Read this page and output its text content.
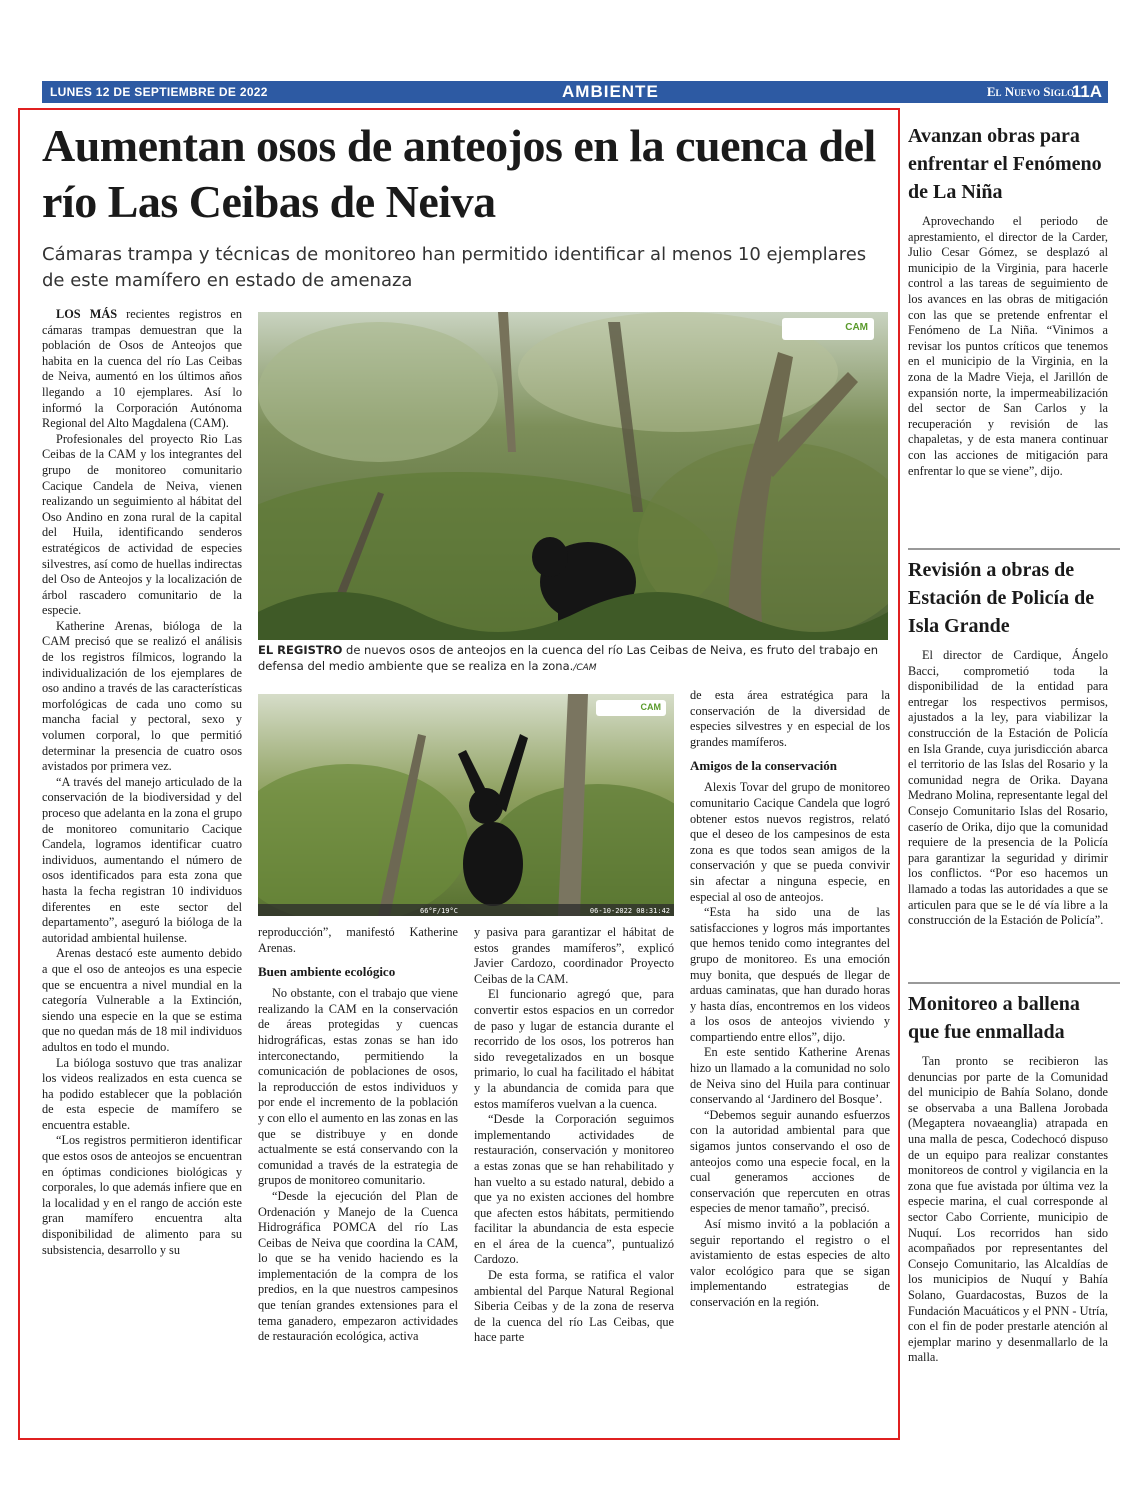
LUNES 12 DE SEPTIEMBRE DE 2022	AMBIENTE	El Nuevo Siglo
11A
Aumentan osos de anteojos en la cuenca del río Las Ceibas de Neiva
Cámaras trampa y técnicas de monitoreo han permitido identificar al menos 10 ejemplares de este mamífero en estado de amenaza
CAM
EL REGISTRO de nuevos osos de anteojos en la cuenca del río Las Ceibas de Neiva, es fruto del trabajo en defensa del medio ambiente que se realiza en la zona./CAM
CAM
66°F/19°C	06-10-2022 08:31:42

LOS MÁS recientes registros en cámaras trampas demuestran que la población de Osos de Anteojos que habita en la cuenca del río Las Ceibas de Neiva, aumentó en los últimos años llegando a 10 ejemplares. Así lo informó la Corporación Autónoma Regional del Alto Magdalena (CAM).

Profesionales del proyecto Rio Las Ceibas de la CAM y los integrantes del grupo de monitoreo comunitario Cacique Candela de Neiva, vienen realizando un seguimiento al hábitat del Oso Andino en zona rural de la capital del Huila, identificando senderos estratégicos de actividad de especies silvestres, así como de huellas indirectas del Oso de Anteojos y la localización de árbol rascadero comunitario de la especie.

Katherine Arenas, bióloga de la CAM precisó que se realizó el análisis de los registros fílmicos, logrando la individualización de los ejemplares de oso andino a través de las características morfológicas de cada uno como su mancha facial y pectoral, sexo y volumen corporal, lo que permitió determinar la presencia de cuatro osos avistados por primera vez.

“A través del manejo articulado de la conservación de la biodiversidad y del proceso que adelanta en la zona el grupo de monitoreo comunitario Cacique Candela, logramos identificar cuatro individuos, aumentando el número de osos identificados para esta zona que hasta la fecha registran 10 individuos diferentes en este sector del departamento”, aseguró la bióloga de la autoridad ambiental huilense.

Arenas destacó este aumento debido a que el oso de anteojos es una especie que se encuentra a nivel mundial en la categoría Vulnerable a la Extinción, siendo una especie en la que se estima que no quedan más de 18 mil individuos adultos en todo el mundo.

La bióloga sostuvo que tras analizar los videos realizados en esta cuenca se ha podido establecer que la población de esta especie de mamífero se encuentra estable.

“Los registros permitieron identificar que estos osos de anteojos se encuentran en óptimas condiciones biológicas y corporales, lo que además infiere que en la localidad y en el rango de acción este gran mamífero encuentra alta disponibilidad de alimento para su subsistencia, desarrollo y su

reproducción”, manifestó Katherine Arenas.

Buen ambiente ecológico

No obstante, con el trabajo que viene realizando la CAM en la conservación de áreas protegidas y cuencas hidrográficas, estas zonas se han ido interconectando, permitiendo la comunicación de poblaciones de osos, la reproducción de estos individuos y por ende el incremento de la población y con ello el aumento en las zonas en las que se distribuye y en donde actualmente se está conservando con la comunidad a través de la estrategia de grupos de monitoreo comunitario.

“Desde la ejecución del Plan de Ordenación y Manejo de la Cuenca Hidrográfica POMCA del río Las Ceibas de Neiva que coordina la CAM, lo que se ha venido haciendo es la implementación de la compra de los predios, en la que nuestros campesinos que tenían grandes extensiones para el tema ganadero, empezaron actividades de restauración ecológica, activa

y pasiva para garantizar el hábitat de estos grandes mamíferos”, explicó Javier Cardozo, coordinador Proyecto Ceibas de la CAM.

El funcionario agregó que, para convertir estos espacios en un corredor de paso y lugar de estancia durante el recorrido de los osos, los potreros han sido revegetalizados en un bosque primario, lo cual ha facilitado el hábitat y la abundancia de comida para que estos mamíferos vuelvan a la cuenca.

“Desde la Corporación seguimos implementando actividades de restauración, conservación y monitoreo a estas zonas que se han rehabilitado y han vuelto a su estado natural, debido a que ya no existen acciones del hombre que afecten estos hábitats, permitiendo facilitar la abundancia de esta especie en el área de la cuenca”, puntualizó Cardozo.

De esta forma, se ratifica el valor ambiental del Parque Natural Regional Siberia Ceibas y de la zona de reserva de la cuenca del río Las Ceibas, que hace parte

de esta área estratégica para la conservación de la diversidad de especies silvestres y en especial de los grandes mamíferos.

Amigos de la conservación

Alexis Tovar del grupo de monitoreo comunitario Cacique Candela que logró obtener estos nuevos registros, relató que el deseo de los campesinos de esta zona es que todos sean amigos de la conservación y que se pueda convivir sin afectar a ninguna especie, en especial al oso de anteojos.

“Esta ha sido una de las satisfacciones y logros más importantes que hemos tenido como integrantes del grupo de monitoreo. Es una emoción muy bonita, que después de llegar de arduas caminatas, que han durado horas y hasta días, encontremos en los videos a los osos de anteojos viviendo y compartiendo entre ellos”, dijo.

En este sentido Katherine Arenas hizo un llamado a la comunidad no solo de Neiva sino del Huila para continuar conservando al ‘Jardinero del Bosque’.

“Debemos seguir aunando esfuerzos con la autoridad ambiental para que sigamos juntos conservando el oso de anteojos como una especie focal, en la cual generamos acciones de conservación que repercuten en otras especies de menor tamaño”, precisó.

Así mismo invitó a la población a seguir reportando el registro o el avistamiento de estas especies de alto valor ecológico para que se sigan implementando estrategias de conservación en la región.

Avanzan obras para enfrentar el Fenómeno de La Niña

Aprovechando el periodo de aprestamiento, el director de la Carder, Julio Cesar Gómez, se desplazó al municipio de la Virginia, para hacerle control a las tareas de seguimiento de los avances en las obras de mitigación con las que se pretende enfrentar el Fenómeno de La Niña. “Vinimos a revisar los puntos críticos que tenemos en el municipio de la Virginia, en la zona de la Madre Vieja, el Jarillón de expansión norte, la impermeabilización del sector de San Carlos y la recuperación y revisión de las chapaletas, y de esta manera continuar con las acciones de mitigación para enfrentar lo que se viene”, dijo.

Revisión a obras de Estación de Policía de Isla Grande

El director de Cardique, Ángelo Bacci, comprometió toda la disponibilidad de la entidad para entregar los respectivos permisos, ajustados a la ley, para viabilizar la construcción de la Estación de Policía en Isla Grande, cuya jurisdicción abarca el territorio de las Islas del Rosario y la comunidad negra de Orika. Dayana Medrano Molina, representante legal del Consejo Comunitario Islas del Rosario, caserío de Orika, dijo que la comunidad requiere de la presencia de la Policía para garantizar la seguridad y dirimir los conflictos. “Por eso hacemos un llamado a todas las autoridades a que se articulen para que se le dé vía libre a la construcción de la Estación de Policía”.

Monitoreo a ballena que fue enmallada

Tan pronto se recibieron las denuncias por parte de la Comunidad del municipio de Bahía Solano, donde se observaba a una Ballena Jorobada (Megaptera novaeanglia) atrapada en una malla de pesca, Codechocó dispuso de un equipo para realizar constantes monitoreos de control y vigilancia en la zona que fue avistada por última vez la especie marina, el cual corresponde al sector Cabo Corriente, municipio de Nuquí. Los recorridos han sido acompañados por representantes del Consejo Comunitario, las Alcaldías de los municipios de Nuquí y Bahía Solano, Guardacostas, Buzos de la Fundación Macuáticos y el PNN - Utría, con el fin de poder prestarle atención al ejemplar marino y desenmallarlo de la malla.
